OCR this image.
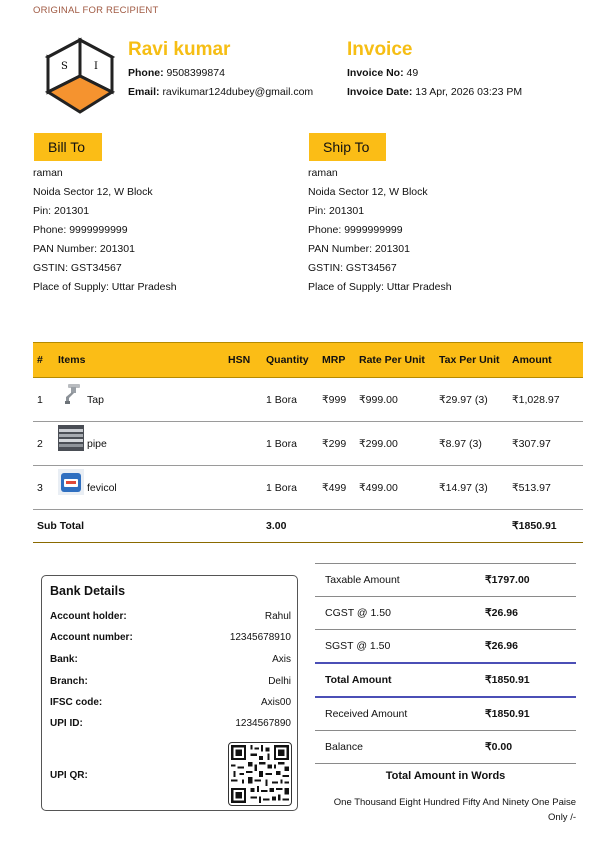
ORIGINAL FOR RECIPIENT
S	I
Ravi kumar
Phone: 9508399874
Email: ravikumar124dubey@gmail.com
Invoice
Invoice No: 49
Invoice Date: 13 Apr, 2026 03:23 PM
Bill To
raman
Noida Sector 12, W Block
Pin: 201301
Phone: 9999999999
PAN Number: 201301
GSTIN: GST34567
Place of Supply: Uttar Pradesh
Ship To
raman
Noida Sector 12, W Block
Pin: 201301
Phone: 9999999999
PAN Number: 201301
GSTIN: GST34567
Place of Supply: Uttar Pradesh
#	Items	HSN	Quantity	MRP	Rate Per Unit	Tax Per Unit	Amount
1	Tap		1 Bora	₹999	₹999.00	₹29.97 (3)	₹1,028.97
2	pipe		1 Bora	₹299	₹299.00	₹8.97 (3)	₹307.97
3	fevicol		1 Bora	₹499	₹499.00	₹14.97 (3)	₹513.97
Sub Total			3.00				₹1850.91
Bank Details
Account holder:	Rahul
Account number:	12345678910
Bank:	Axis
Branch:	Delhi
IFSC code:	Axis00
UPI ID:	1234567890
UPI QR:
Taxable Amount	₹1797.00
CGST @ 1.50	₹26.96
SGST @ 1.50	₹26.96
Total Amount	₹1850.91
Received Amount	₹1850.91
Balance	₹0.00
Total Amount in Words
One Thousand Eight Hundred Fifty And Ninety One Paise Only /-
